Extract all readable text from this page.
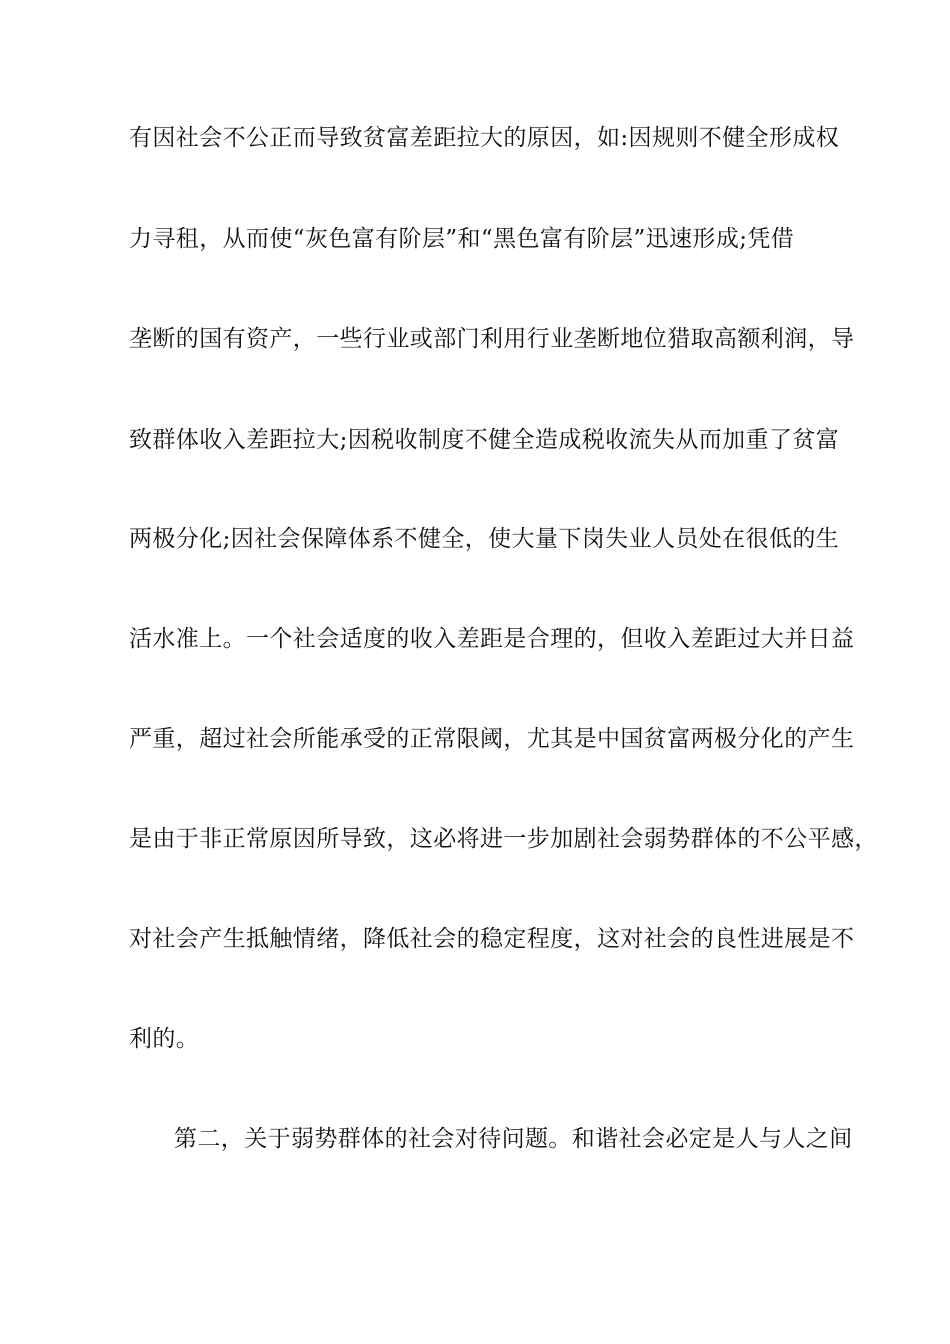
有因社会不公正而导致贫富差距拉大的原因，如:因规则不健全形成权
力寻租，从而使“灰色富有阶层”和“黑色富有阶层”迅速形成;凭借
垄断的国有资产，一些行业或部门利用行业垄断地位猎取高额利润，导
致群体收入差距拉大;因税收制度不健全造成税收流失从而加重了贫富
两极分化;因社会保障体系不健全，使大量下岗失业人员处在很低的生
活水准上。一个社会适度的收入差距是合理的，但收入差距过大并日益
严重，超过社会所能承受的正常限阈，尤其是中国贫富两极分化的产生
是由于非正常原因所导致，这必将进一步加剧社会弱势群体的不公平感，
对社会产生抵触情绪，降低社会的稳定程度，这对社会的良性进展是不
利的。
第二，关于弱势群体的社会对待问题。和谐社会必定是人与人之间
